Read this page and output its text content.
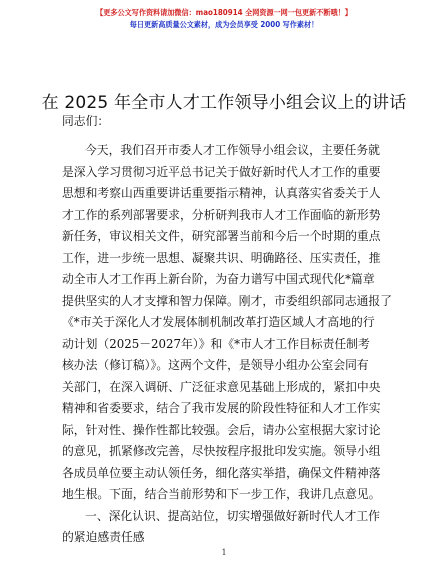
【更多公文写作资料请加微信：mao180914 全网资源一网一包更新不断哦！】
每日更新高质量公文素材，成为会员享受 2000 写作素材！
在 2025 年全市人才工作领导小组会议上的讲话
同志们：
今天，我们召开市委人才工作领导小组会议，主要任务就
是深入学习贯彻习近平总书记关于做好新时代人才工作的重要
思想和考察山西重要讲话重要指示精神，认真落实省委关于人
才工作的系列部署要求，分析研判我市人才工作面临的新形势
新任务，审议相关文件，研究部署当前和今后一个时期的重点
工作，进一步统一思想、凝聚共识、明确路径、压实责任，推
动全市人才工作再上新台阶，为奋力谱写中国式现代化*篇章
提供坚实的人才支撑和智力保障。刚才，市委组织部同志通报了
《*市关于深化人才发展体制机制改革打造区域人才高地的行
动计划（2025－2027年）》和《*市人才工作目标责任制考
核办法（修订稿）》。这两个文件，是领导小组办公室会同有
关部门，在深入调研、广泛征求意见基础上形成的，紧扣中央
精神和省委要求，结合了我市发展的阶段性特征和人才工作实
际，针对性、操作性都比较强。会后，请办公室根据大家讨论
的意见，抓紧修改完善，尽快按程序报批印发实施。领导小组
各成员单位要主动认领任务，细化落实举措，确保文件精神落
地生根。下面，结合当前形势和下一步工作，我讲几点意见。
一、深化认识、提高站位，切实增强做好新时代人才工作
的紧迫感责任感
1
